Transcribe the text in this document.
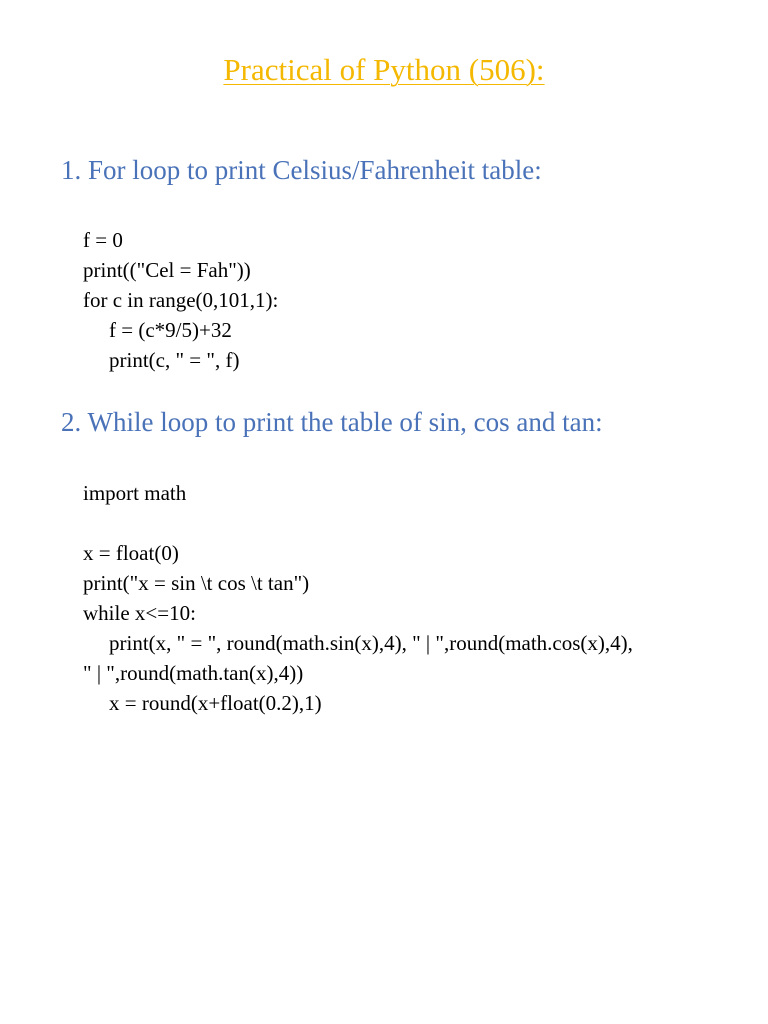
Practical of Python (506):
1. For loop to print Celsius/Fahrenheit table:
f = 0
print(("Cel = Fah"))
for c in range(0,101,1):
f = (c*9/5)+32
print(c, " = ", f)
2. While loop to print the table of sin, cos and tan:
import math
x = float(0)
print("x = sin \t cos \t tan")
while x<=10:
print(x, " = ", round(math.sin(x),4), " | ",round(math.cos(x),4),
" | ",round(math.tan(x),4))
x = round(x+float(0.2),1)
